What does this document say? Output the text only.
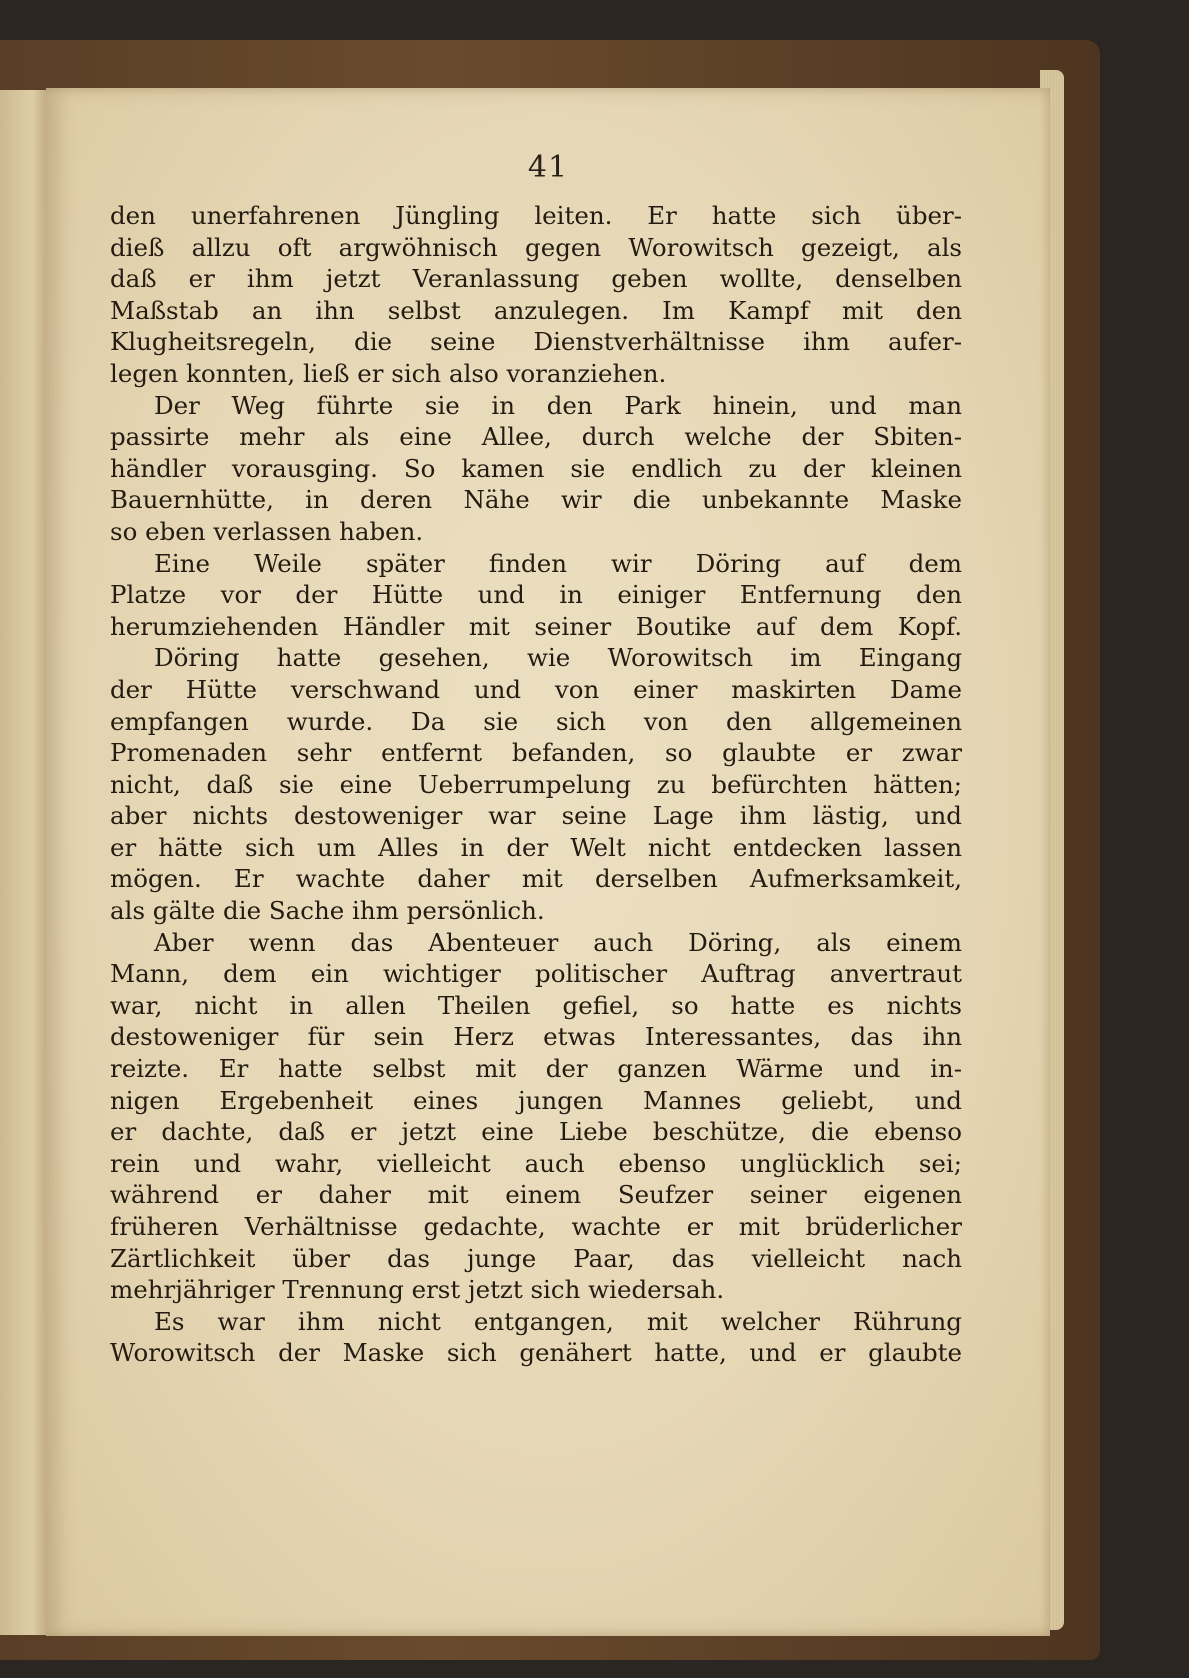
41
den unerfahrenen Jüngling leiten. Er hatte sich über-
dieß allzu oft argwöhnisch gegen Worowitsch gezeigt, als
daß er ihm jetzt Veranlassung geben wollte, denselben
Maßstab an ihn selbst anzulegen. Im Kampf mit den
Klugheitsregeln, die seine Dienstverhältnisse ihm aufer-
legen konnten, ließ er sich also voranziehen.
Der Weg führte sie in den Park hinein, und man
passirte mehr als eine Allee, durch welche der Sbiten-
händler vorausging. So kamen sie endlich zu der kleinen
Bauernhütte, in deren Nähe wir die unbekannte Maske
so eben verlassen haben.
Eine Weile später finden wir Döring auf dem
Platze vor der Hütte und in einiger Entfernung den
herumziehenden Händler mit seiner Boutike auf dem Kopf.
Döring hatte gesehen, wie Worowitsch im Eingang
der Hütte verschwand und von einer maskirten Dame
empfangen wurde. Da sie sich von den allgemeinen
Promenaden sehr entfernt befanden, so glaubte er zwar
nicht, daß sie eine Ueberrumpelung zu befürchten hätten;
aber nichts destoweniger war seine Lage ihm lästig, und
er hätte sich um Alles in der Welt nicht entdecken lassen
mögen. Er wachte daher mit derselben Aufmerksamkeit,
als gälte die Sache ihm persönlich.
Aber wenn das Abenteuer auch Döring, als einem
Mann, dem ein wichtiger politischer Auftrag anvertraut
war, nicht in allen Theilen gefiel, so hatte es nichts
destoweniger für sein Herz etwas Interessantes, das ihn
reizte. Er hatte selbst mit der ganzen Wärme und in-
nigen Ergebenheit eines jungen Mannes geliebt, und
er dachte, daß er jetzt eine Liebe beschütze, die ebenso
rein und wahr, vielleicht auch ebenso unglücklich sei;
während er daher mit einem Seufzer seiner eigenen
früheren Verhältnisse gedachte, wachte er mit brüderlicher
Zärtlichkeit über das junge Paar, das vielleicht nach
mehrjähriger Trennung erst jetzt sich wiedersah.
Es war ihm nicht entgangen, mit welcher Rührung
Worowitsch der Maske sich genähert hatte, und er glaubte
